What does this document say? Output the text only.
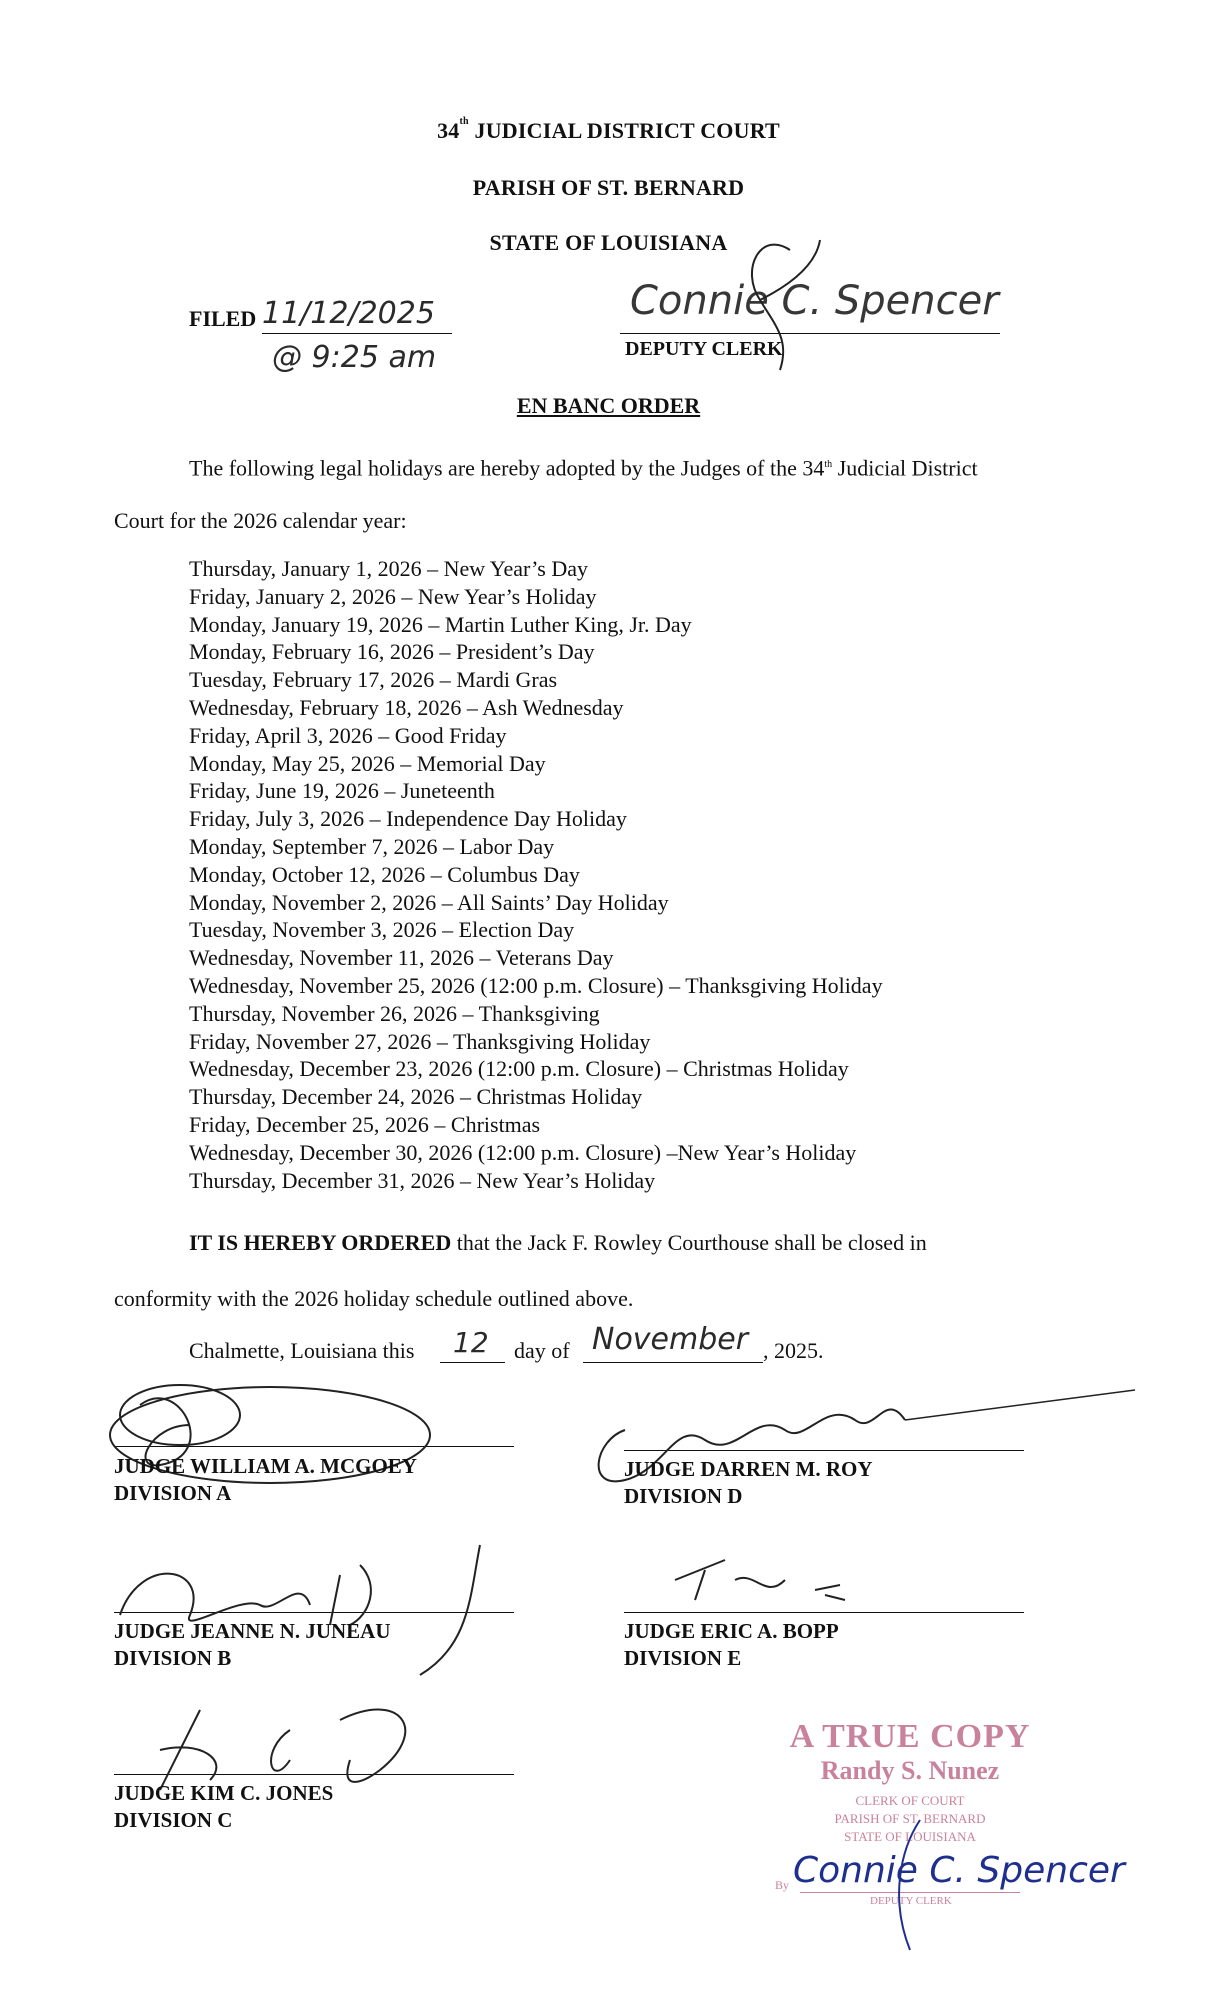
34th JUDICIAL DISTRICT COURT
PARISH OF ST. BERNARD
STATE OF LOUISIANA
FILED 11/12/2025
@ 9:25 am	DEPUTY CLERK
Connie C. Spencer
EN BANC ORDER
The following legal holidays are hereby adopted by the Judges of the 34th Judicial District
Court for the 2026 calendar year:
Thursday, January 1, 2026 – New Year’s Day
Friday, January 2, 2026 – New Year’s Holiday
Monday, January 19, 2026 – Martin Luther King, Jr. Day
Monday, February 16, 2026 – President’s Day
Tuesday, February 17, 2026 – Mardi Gras
Wednesday, February 18, 2026 – Ash Wednesday
Friday, April 3, 2026 – Good Friday
Monday, May 25, 2026 – Memorial Day
Friday, June 19, 2026 – Juneteenth
Friday, July 3, 2026 – Independence Day Holiday
Monday, September 7, 2026 – Labor Day
Monday, October 12, 2026 – Columbus Day
Monday, November 2, 2026 – All Saints’ Day Holiday
Tuesday, November 3, 2026 – Election Day
Wednesday, November 11, 2026 – Veterans Day
Wednesday, November 25, 2026 (12:00 p.m. Closure) – Thanksgiving Holiday
Thursday, November 26, 2026 – Thanksgiving
Friday, November 27, 2026 – Thanksgiving Holiday
Wednesday, December 23, 2026 (12:00 p.m. Closure) – Christmas Holiday
Thursday, December 24, 2026 – Christmas Holiday
Friday, December 25, 2026 – Christmas
Wednesday, December 30, 2026 (12:00 p.m. Closure) –New Year’s Holiday
Thursday, December 31, 2026 – New Year’s Holiday
IT IS HEREBY ORDERED that the Jack F. Rowley Courthouse shall be closed in
conformity with the 2026 holiday schedule outlined above.
Chalmette, Louisiana this 12 day of November , 2025.
JUDGE WILLIAM A. MCGOEY
DIVISION A
JUDGE DARREN M. ROY
DIVISION D
JUDGE JEANNE N. JUNEAU
DIVISION B
JUDGE ERIC A. BOPP
DIVISION E
JUDGE KIM C. JONES
DIVISION C
A TRUE COPY
Randy S. Nunez
CLERK OF COURT
PARISH OF ST. BERNARD
STATE OF LOUISIANA
By
DEPUTY CLERK
Connie C. Spencer
